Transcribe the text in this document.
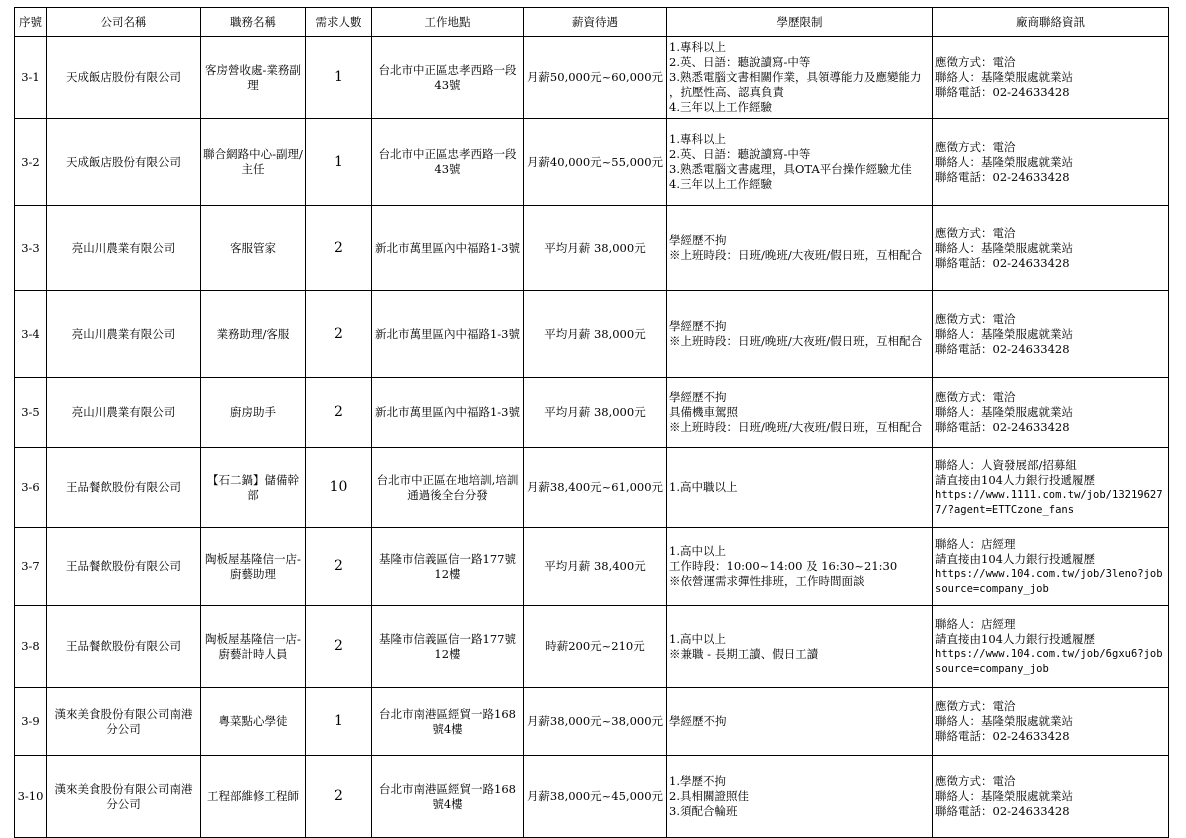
序號	公司名稱	職務名稱	需求人數	工作地點	薪資待遇	學歷限制	廠商聯絡資訊
3-1	天成飯店股份有限公司	客房營收處-業務副理	1	台北市中正區忠孝西路一段43號	月薪50,000元~60,000元	1.專科以上
2.英、日語：聽說讀寫-中等
3.熟悉電腦文書相關作業，具領導能力及應變能力
，抗壓性高、認真負責
4.三年以上工作經驗	應徵方式：電洽
聯絡人：基隆榮服處就業站
聯絡電話：02-24633428

3-2	天成飯店股份有限公司	聯合網路中心-副理/主任	1	台北市中正區忠孝西路一段43號	月薪40,000元~55,000元	1.專科以上
2.英、日語：聽說讀寫-中等
3.熟悉電腦文書處理，具OTA平台操作經驗尤佳
4.三年以上工作經驗	應徵方式：電洽
聯絡人：基隆榮服處就業站
聯絡電話：02-24633428

3-3	亮山川農業有限公司	客服管家	2	新北市萬里區內中福路1-3號	平均月薪 38,000元	學經歷不拘
※上班時段：日班/晚班/大夜班/假日班，互相配合	應徵方式：電洽
聯絡人：基隆榮服處就業站
聯絡電話：02-24633428

3-4	亮山川農業有限公司	業務助理/客服	2	新北市萬里區內中福路1-3號	平均月薪 38,000元	學經歷不拘
※上班時段：日班/晚班/大夜班/假日班，互相配合	應徵方式：電洽
聯絡人：基隆榮服處就業站
聯絡電話：02-24633428

3-5	亮山川農業有限公司	廚房助手	2	新北市萬里區內中福路1-3號	平均月薪 38,000元	學經歷不拘
具備機車駕照
※上班時段：日班/晚班/大夜班/假日班，互相配合	應徵方式：電洽
聯絡人：基隆榮服處就業站
聯絡電話：02-24633428

3-6	王品餐飲股份有限公司	【石二鍋】儲備幹部	10	台北市中正區在地培訓,培訓通過後全台分發	月薪38,400元~61,000元	1.高中職以上	聯絡人：人資發展部/招募組
請直接由104人力銀行投遞履歷
https://www.1111.com.tw/job/13219627
7/?agent=ETTCzone_fans

3-7	王品餐飲股份有限公司	陶板屋基隆信一店-廚藝助理	2	基隆市信義區信一路177號12樓	平均月薪 38,400元	1.高中以上
工作時段：10:00~14:00 及 16:30~21:30
※依營運需求彈性排班，工作時間面談	聯絡人：店經理
請直接由104人力銀行投遞履歷
https://www.104.com.tw/job/3leno?job
source=company_job

3-8	王品餐飲股份有限公司	陶板屋基隆信一店-廚藝計時人員	2	基隆市信義區信一路177號12樓	時薪200元~210元	1.高中以上
※兼職 - 長期工讀、假日工讀	聯絡人：店經理
請直接由104人力銀行投遞履歷
https://www.104.com.tw/job/6gxu6?job
source=company_job

3-9	漢來美食股份有限公司南港分公司	粵菜點心學徒	1	台北市南港區經貿一路168號4樓	月薪38,000元~38,000元	學經歷不拘	應徵方式：電洽
聯絡人：基隆榮服處就業站
聯絡電話：02-24633428

3-10	漢來美食股份有限公司南港分公司	工程部維修工程師	2	台北市南港區經貿一路168號4樓	月薪38,000元~45,000元	1.學歷不拘
2.具相關證照佳
3.須配合輪班	應徵方式：電洽
聯絡人：基隆榮服處就業站
聯絡電話：02-24633428
